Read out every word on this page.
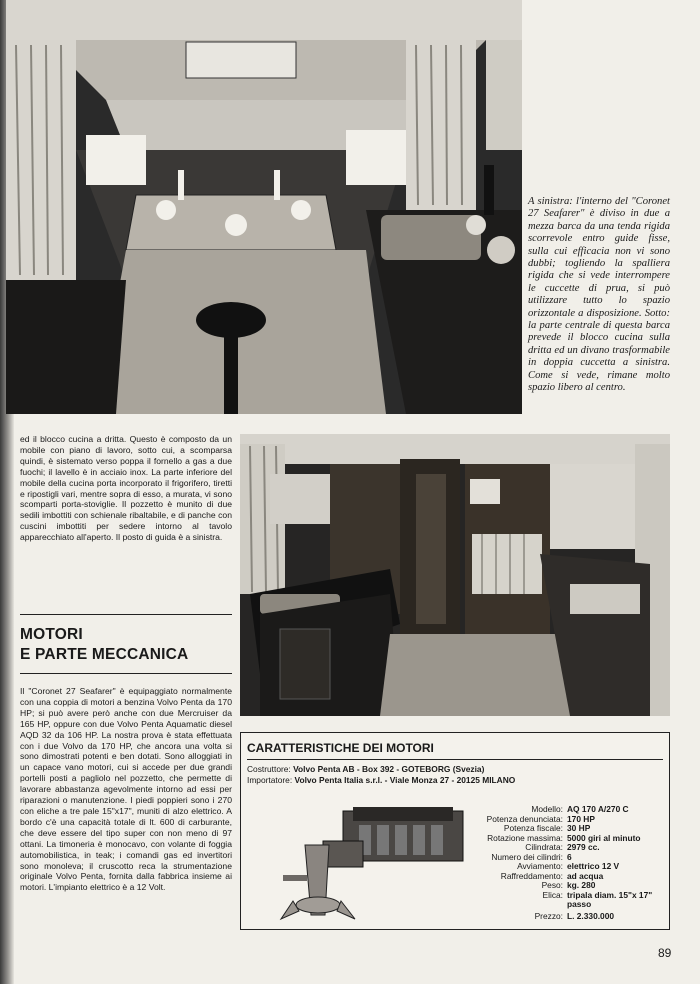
A sinistra: l'interno del "Coronet 27 Seafarer" è diviso in due a mezza barca da una tenda rigida scorrevole entro guide fisse, sulla cui efficacia non vi sono dubbi; togliendo la spalliera rigida che si vede interrompere le cuccette di prua, si può utilizzare tutto lo spazio orizzontale a disposizione. Sotto: la parte centrale di questa barca prevede il blocco cucina sulla dritta ed un divano trasformabile in doppia cuccetta a sinistra. Come si vede, rimane molto spazio libero al centro.
ed il blocco cucina a dritta. Questo è composto da un mobile con piano di lavoro, sotto cui, a scomparsa quindi, è sistemato verso poppa il fornello a gas a due fuochi; il lavello è in acciaio inox. La parte inferiore del mobile della cucina porta incorporato il frigorifero, tiretti e ripostigli vari, mentre sopra di esso, a murata, vi sono scomparti porta-stoviglie. Il pozzetto è munito di due sedili imbottiti con schienale ribaltabile, e di panche con cuscini imbottiti per sedere intorno al tavolo apparecchiato all'aperto. Il posto di guida è a sinistra.
MOTORI
E PARTE MECCANICA
Il "Coronet 27 Seafarer" è equipaggiato normalmente con una coppia di motori a benzina Volvo Penta da 170 HP; si può avere però anche con due Mercruiser da 165 HP, oppure con due Volvo Penta Aquamatic diesel AQD 32 da 106 HP. La nostra prova è stata effettuata con i due Volvo da 170 HP, che ancora una volta si sono dimostrati potenti e ben dotati. Sono alloggiati in un capace vano motori, cui si accede per due grandi portelli posti a pagliolo nel pozzetto, che permette di lavorare abbastanza agevolmente intorno ad essi per riparazioni o manutenzione. I piedi poppieri sono i 270 con eliche a tre pale 15"x17", muniti di alzo elettrico. A bordo c'è una capacità totale di lt. 600 di carburante, che deve essere del tipo super con non meno di 97 ottani. La timoneria è monocavo, con volante di foggia automobilistica, in teak; i comandi gas ed invertitori sono monoleva; il cruscotto reca la strumentazione originale Volvo Penta, fornita dalla fabbrica insieme ai motori. L'impianto elettrico è a 12 Volt.
CARATTERISTICHE DEI MOTORI
Costruttore: Volvo Penta AB - Box 392 - GOTEBORG (Svezia)
Importatore: Volvo Penta Italia s.r.l. - Viale Monza 27 - 20125 MILANO
Modello: AQ 170 A/270 C
Potenza denunciata: 170 HP
Potenza fiscale: 30 HP
Rotazione massima: 5000 giri al minuto
Cilindrata: 2979 cc.
Numero dei cilindri: 6
Avviamento: elettrico 12 V
Raffreddamento: ad acqua
Peso: kg. 280
Elica: tripala diam. 15"x 17" passo
Prezzo: L. 2.330.000
89
